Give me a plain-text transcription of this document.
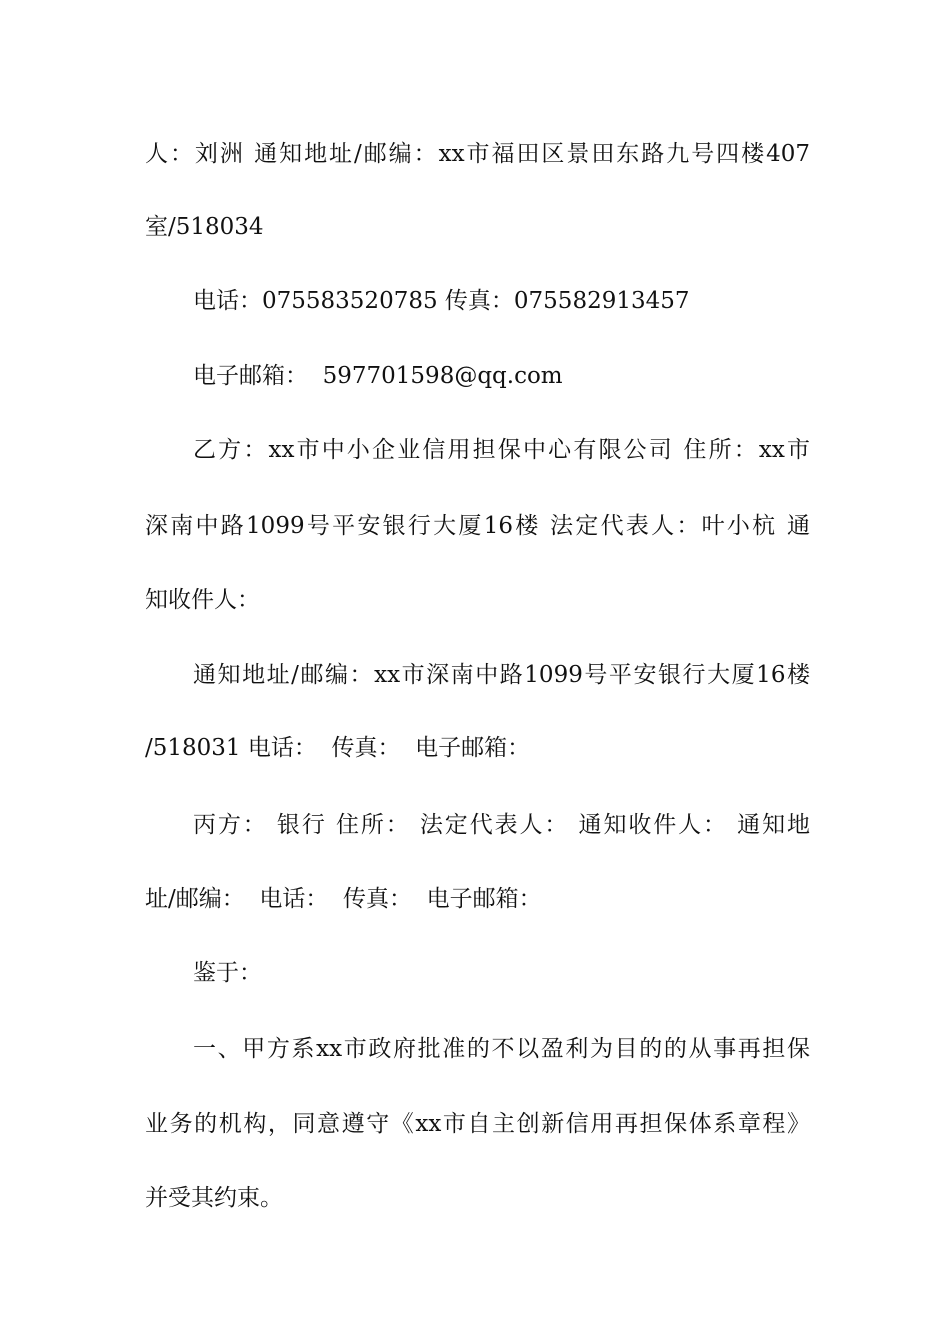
人：刘洲 通知地址/邮编：xx市福田区景田东路九号四楼407
室/518034
电话：075583520785 传真：075582913457
电子邮箱：  597701598@qq.com
乙方：xx市中小企业信用担保中心有限公司 住所：xx市
深南中路1099号平安银行大厦16楼 法定代表人：叶小杭 通
知收件人：
通知地址/邮编：xx市深南中路1099号平安银行大厦16楼
/518031 电话：  传真：  电子邮箱：
丙方： 银行 住所： 法定代表人： 通知收件人： 通知地
址/邮编：  电话：  传真：  电子邮箱：
鉴于：
一、甲方系xx市政府批准的不以盈利为目的的从事再担保
业务的机构，同意遵守《xx市自主创新信用再担保体系章程》
并受其约束。
